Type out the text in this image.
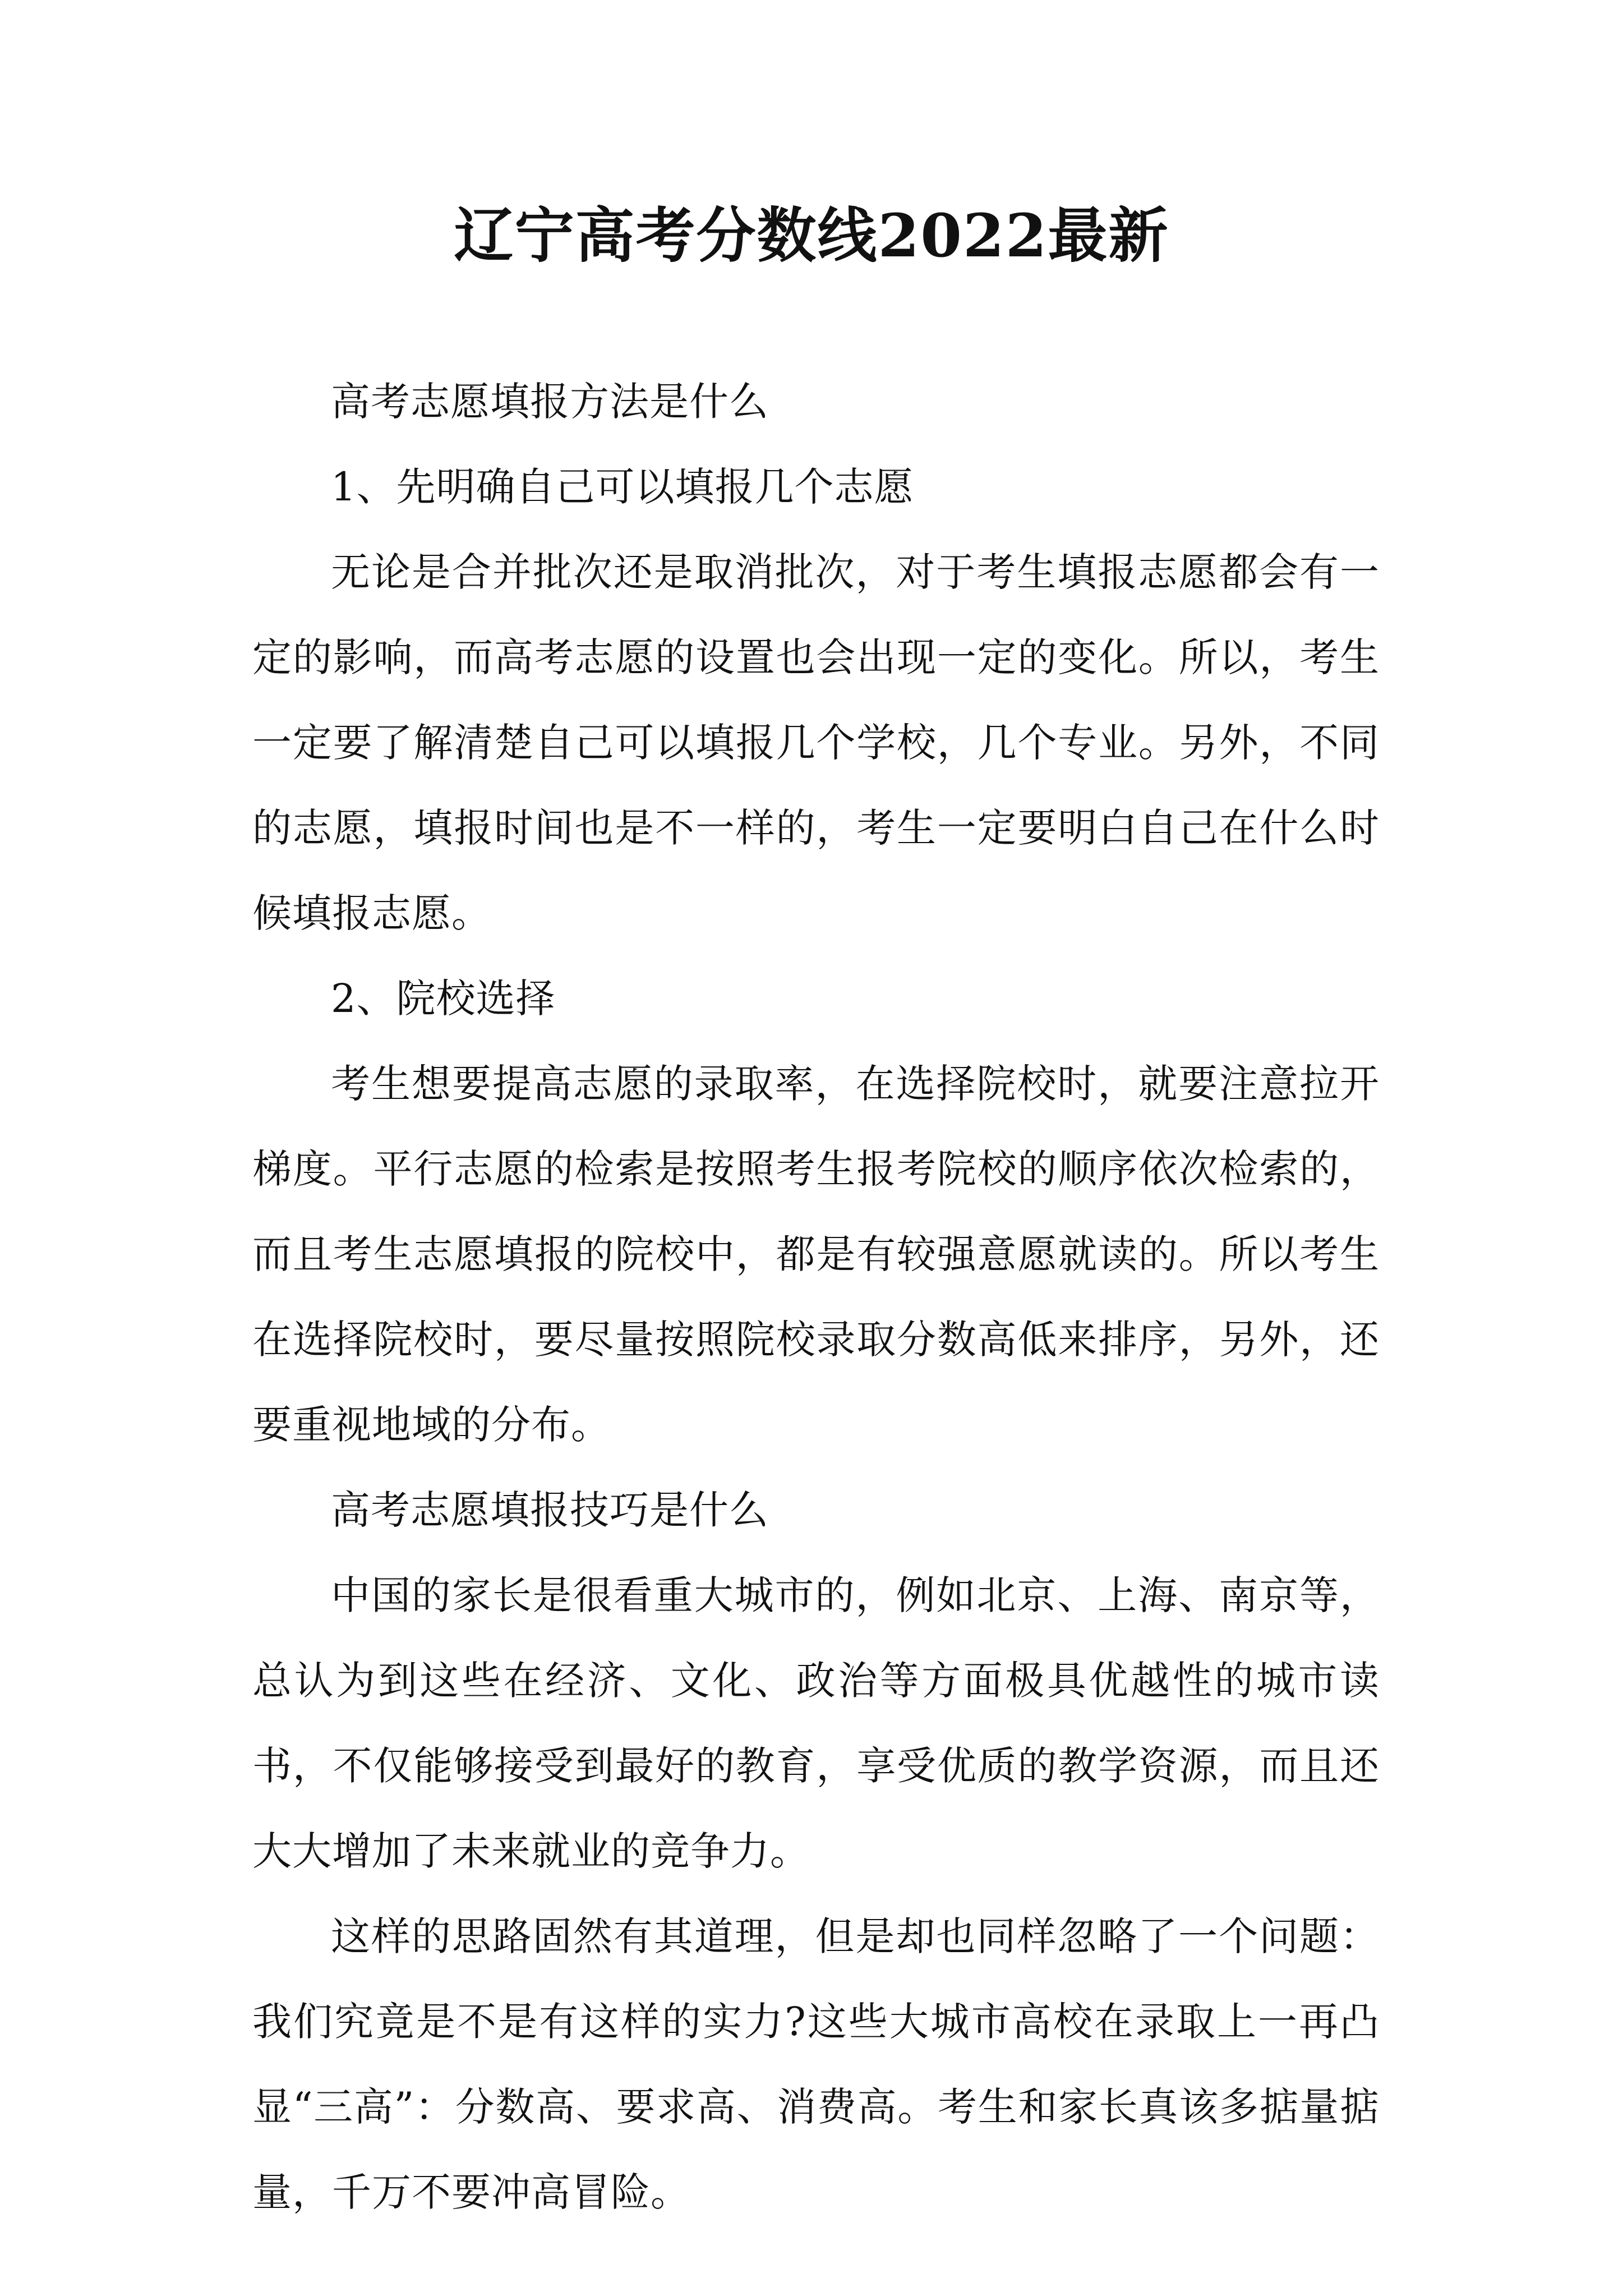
辽宁高考分数线2022最新

高考志愿填报方法是什么

1、先明确自己可以填报几个志愿

无论是合并批次还是取消批次，对于考生填报志愿都会有一定的影响，而高考志愿的设置也会出现一定的变化。所以，考生一定要了解清楚自己可以填报几个学校，几个专业。另外，不同的志愿，填报时间也是不一样的，考生一定要明白自己在什么时候填报志愿。

2、院校选择

考生想要提高志愿的录取率，在选择院校时，就要注意拉开梯度。平行志愿的检索是按照考生报考院校的顺序依次检索的，而且考生志愿填报的院校中，都是有较强意愿就读的。所以考生在选择院校时，要尽量按照院校录取分数高低来排序，另外，还要重视地域的分布。

高考志愿填报技巧是什么

中国的家长是很看重大城市的，例如北京、上海、南京等，总认为到这些在经济、文化、政治等方面极具优越性的城市读书，不仅能够接受到最好的教育，享受优质的教学资源，而且还大大增加了未来就业的竞争力。

这样的思路固然有其道理，但是却也同样忽略了一个问题：我们究竟是不是有这样的实力?这些大城市高校在录取上一再凸显“三高”：分数高、要求高、消费高。考生和家长真该多掂量掂量，千万不要冲高冒险。
